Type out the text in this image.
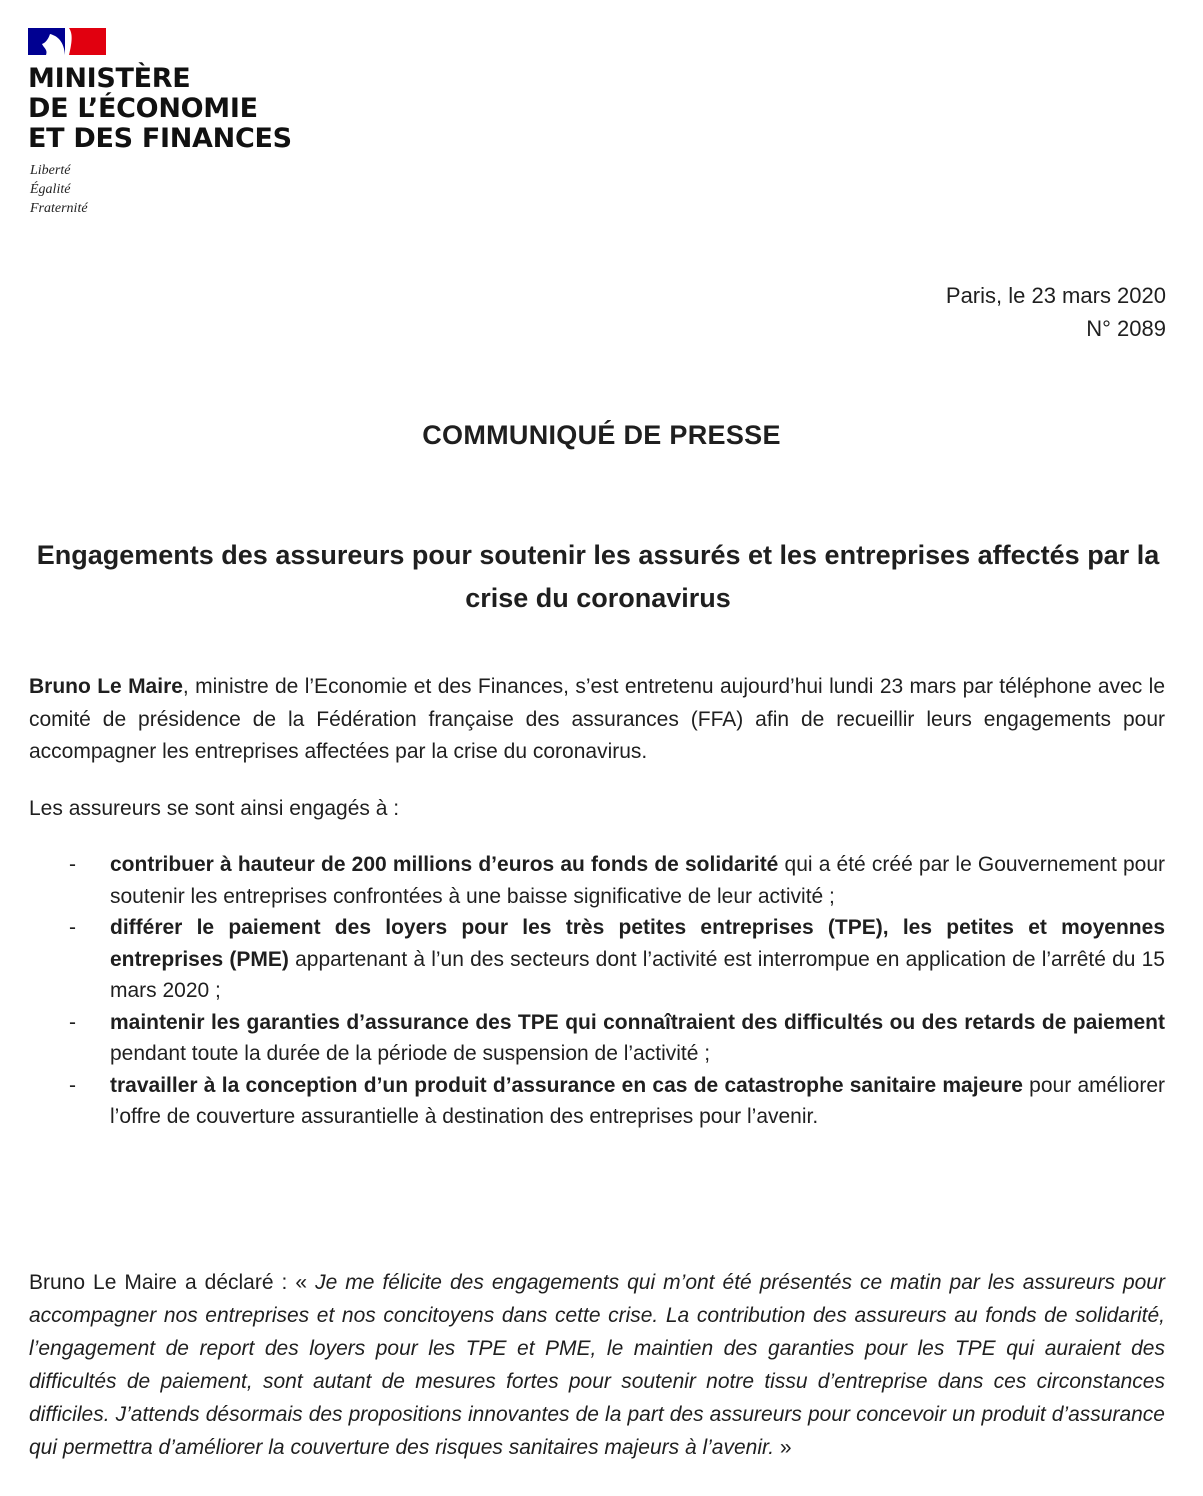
MINISTÈRE
DE L’ÉCONOMIE
ET DES FINANCES
Liberté
Égalité
Fraternité
Paris, le 23 mars 2020
N° 2089
COMMUNIQUÉ DE PRESSE
Engagements des assureurs pour soutenir les assurés et les entreprises affectés par la crise du coronavirus
Bruno Le Maire, ministre de l’Economie et des Finances, s’est entretenu aujourd’hui lundi 23 mars par téléphone avec le comité de présidence de la Fédération française des assurances (FFA) afin de recueillir leurs engagements pour accompagner les entreprises affectées par la crise du coronavirus.
Les assureurs se sont ainsi engagés à :
- contribuer à hauteur de 200 millions d’euros au fonds de solidarité qui a été créé par le Gouvernement pour soutenir les entreprises confrontées à une baisse significative de leur activité ;
- différer le paiement des loyers pour les très petites entreprises (TPE), les petites et moyennes entreprises (PME) appartenant à l’un des secteurs dont l’activité est interrompue en application de l’arrêté du 15 mars 2020 ;
- maintenir les garanties d’assurance des TPE qui connaîtraient des difficultés ou des retards de paiement pendant toute la durée de la période de suspension de l’activité ;
- travailler à la conception d’un produit d’assurance en cas de catastrophe sanitaire majeure pour améliorer l’offre de couverture assurantielle à destination des entreprises pour l’avenir.
Bruno Le Maire a déclaré : « Je me félicite des engagements qui m’ont été présentés ce matin par les assureurs pour accompagner nos entreprises et nos concitoyens dans cette crise. La contribution des assureurs au fonds de solidarité, l’engagement de report des loyers pour les TPE et PME, le maintien des garanties pour les TPE qui auraient des difficultés de paiement, sont autant de mesures fortes pour soutenir notre tissu d’entreprise dans ces circonstances difficiles. J’attends désormais des propositions innovantes de la part des assureurs pour concevoir un produit d’assurance qui permettra d’améliorer la couverture des risques sanitaires majeurs à l’avenir. »
